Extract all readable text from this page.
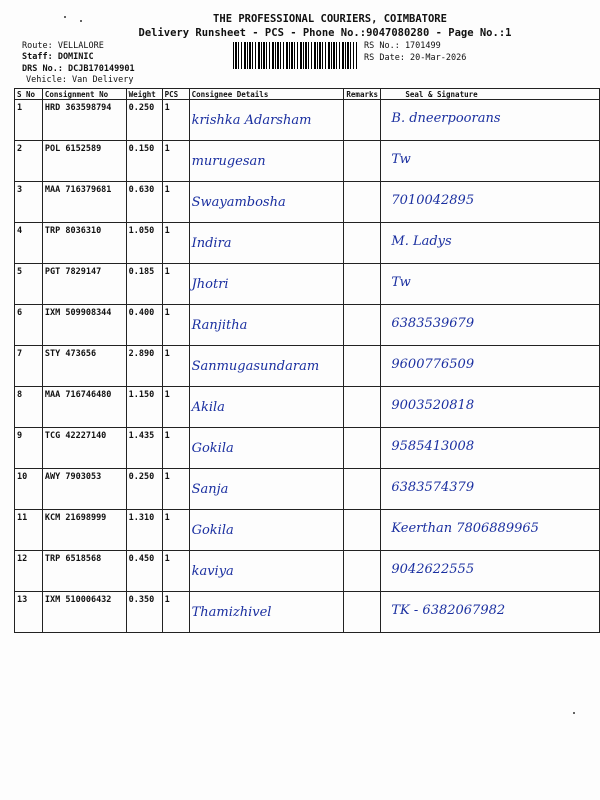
THE PROFESSIONAL COURIERS, COIMBATORE
Delivery Runsheet - PCS - Phone No.:9047080280 - Page No.:1
Route: VELLALORE
Staff: DOMINIC
DRS No.: DCJB170149901
Vehicle: Van Delivery
RS No.: 1701499
RS Date: 20-Mar-2026
S No	Consignment No	Weight	PCS	Consignee Details	Remarks	Seal & Signature
1	HRD 363598794	0.250	1	krishka Adarsham		B. dneerpoorans

2	POL 6152589	0.150	1	murugesan		Tw

3	MAA 716379681	0.630	1	Swayambosha		7010042895

4	TRP 8036310	1.050	1	Indira		M. Ladys

5	PGT 7829147	0.185	1	Jhotri		Tw

6	IXM 509908344	0.400	1	Ranjitha		6383539679

7	STY 473656	2.890	1	Sanmugasundaram		9600776509

8	MAA 716746480	1.150	1	Akila		9003520818

9	TCG 42227140	1.435	1	Gokila		9585413008

10	AWY 7903053	0.250	1	Sanja		6383574379

11	KCM 21698999	1.310	1	Gokila		Keerthan 7806889965

12	TRP 6518568	0.450	1	kaviya		9042622555

13	IXM 510006432	0.350	1	Thamizhivel		TK - 6382067982
